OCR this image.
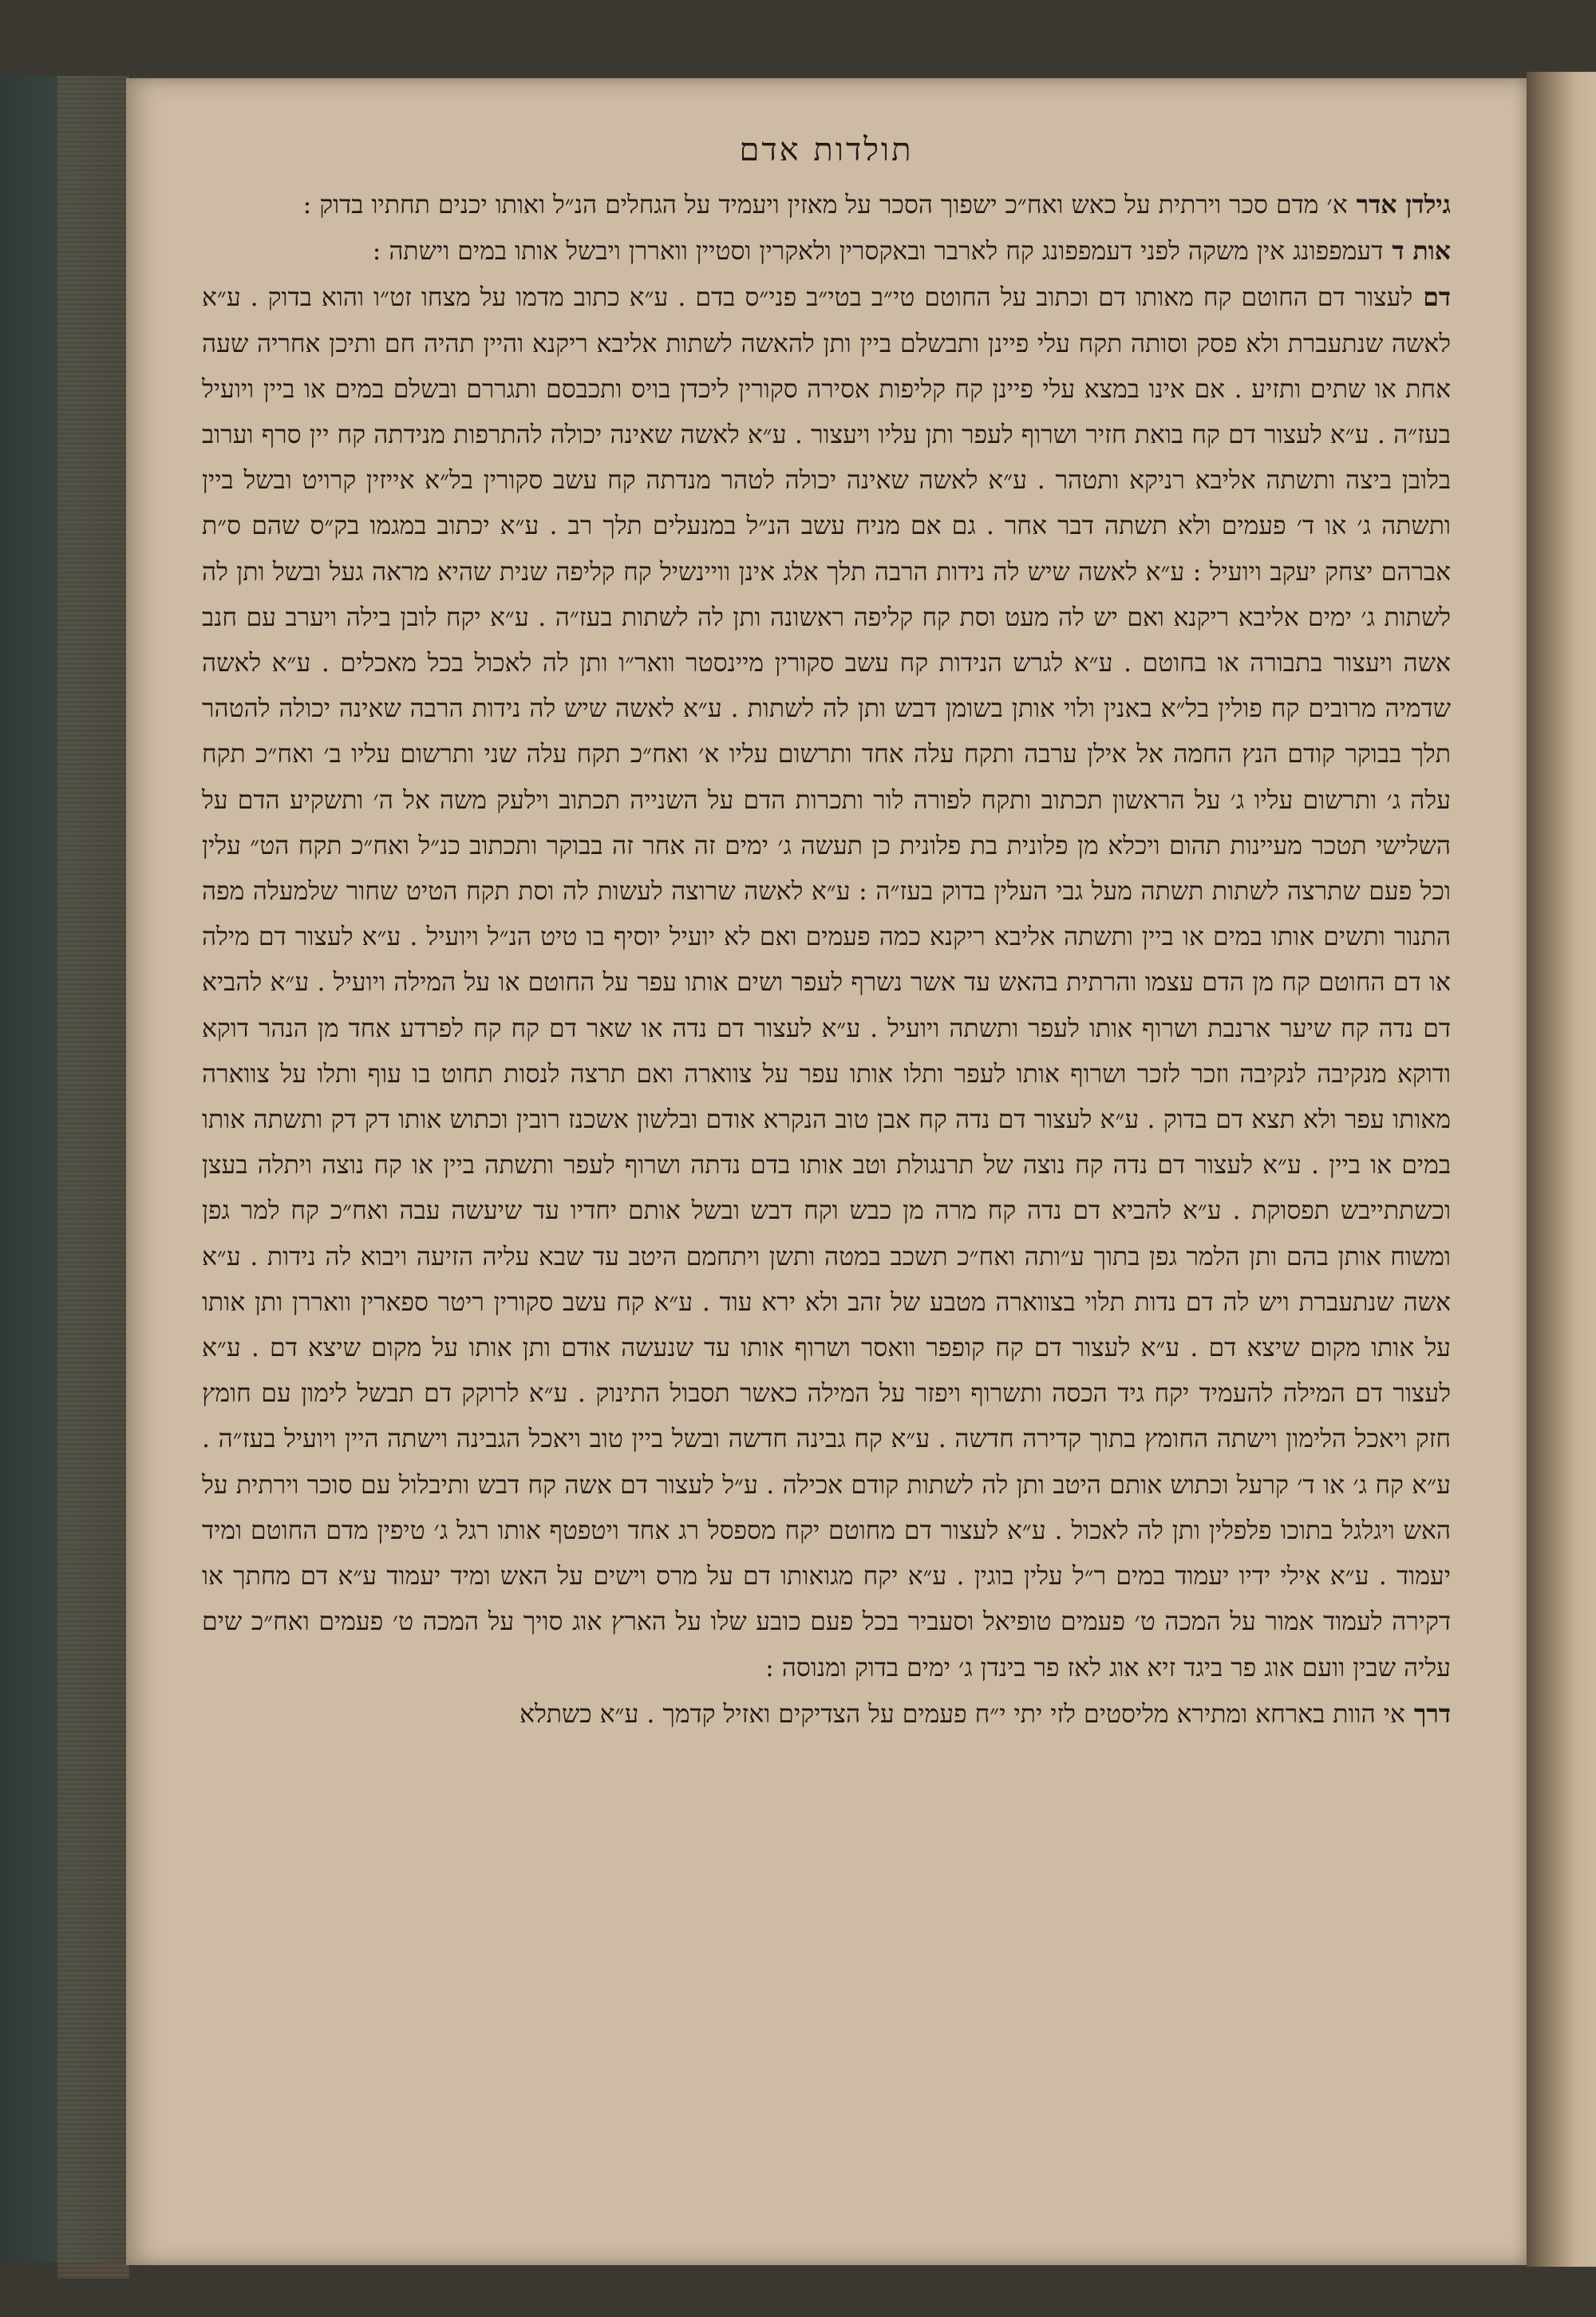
תולדות אדם

גילדן אדר א׳ מדם סכר וירתית על כאש ואח״כ ישפוך הסכר על מאזין ויעמיד על הגחלים הנ״ל ואותו יכנים תחתיו בדוק :

אות ד דעמפפונג אין משקה לפני דעמפפונג קח לארבר ובאקסרין ולאקרין וסטיין וואררן ויבשל אותו במים וישתה :

דם לעצור דם החוטם קח מאותו דם וכתוב על החוטם טי״ב בטי״ב פני״ס בדם . ע״א כתוב מדמו על מצחו זט״ו והוא בדוק . ע״א לאשה שנתעברת ולא פסק וסותה תקח עלי פיינן ותבשלם ביין ותן להאשה לשתות אליבא ריקנא והיין תהיה חם ותיכן אחריה שעה אחת או שתים ותזיע . אם אינו במצא עלי פיינן קח קליפות אסירה סקורין ליכדן בויס ותכבסם ותגררם ובשלם במים או ביין ויועיל בעז״ה . ע״א לעצור דם קח בואת חזיר ושרוף לעפר ותן עליו ויעצור . ע״א לאשה שאינה יכולה להתרפות מנידתה קח יין סרף וערוב בלובן ביצה ותשתה אליבא רניקא ותטהר . ע״א לאשה שאינה יכולה לטהר מנדתה קח עשב סקורין בל״א אייזין קרויט ובשל ביין ותשתה ג׳ או ד׳ פעמים ולא תשתה דבר אחר . גם אם מניח עשב הנ״ל במנעלים תלך רב . ע״א יכתוב במגמו בק״ס שהם ס״ת אברהם יצחק יעקב ויועיל : ע״א לאשה שיש לה נידות הרבה תלך אלג אינן וויינשיל קח קליפה שנית שהיא מראה געל ובשל ותן לה לשתות ג׳ ימים אליבא ריקנא ואם יש לה מעט וסת קח קליפה ראשונה ותן לה לשתות בעז״ה . ע״א יקח לובן בילה ויערב עם חנב אשה ויעצור בתבורה או בחוטם . ע״א לגרש הנידות קח עשב סקורין מיינסטר וואר״ו ותן לה לאכול בכל מאכלים . ע״א לאשה שדמיה מרובים קח פולין בל״א באנין ולוי אותן בשומן דבש ותן לה לשתות . ע״א לאשה שיש לה נידות הרבה שאינה יכולה להטהר תלך בבוקר קודם הנץ החמה אל אילן ערבה ותקח עלה אחד ותרשום עליו א׳ ואח״כ תקח עלה שני ותרשום עליו ב׳ ואח״כ תקח עלה ג׳ ותרשום עליו ג׳ על הראשון תכתוב ותקח לפורה לור ותכרות הדם על השנייה תכתוב וילעק משה אל ה׳ ותשקיע הדם על השלישי תטכר מעיינות תהום ויכלא מן פלונית בת פלונית כן תעשה ג׳ ימים זה אחר זה בבוקר ותכתוב כנ״ל ואח״כ תקח הט״ עלין וכל פעם שתרצה לשתות תשתה מעל גבי העלין בדוק בעז״ה : ע״א לאשה שרוצה לעשות לה וסת תקח הטיט שחור שלמעלה מפה התנור ותשים אותו במים או ביין ותשתה אליבא ריקנא כמה פעמים ואם לא יועיל יוסיף בו טיט הנ״ל ויועיל . ע״א לעצור דם מילה או דם החוטם קח מן הדם עצמו והרתית בהאש עד אשר נשרף לעפר ושים אותו עפר על החוטם או על המילה ויועיל . ע״א להביא דם נדה קח שיער ארנבת ושרוף אותו לעפר ותשתה ויועיל . ע״א לעצור דם נדה או שאר דם קח קח לפרדע אחד מן הנהר דוקא ודוקא מנקיבה לנקיבה וזכר לזכר ושרוף אותו לעפר ותלו אותו עפר על צווארה ואם תרצה לנסות תחוט בו עוף ותלו על צווארה מאותו עפר ולא תצא דם בדוק . ע״א לעצור דם נדה קח אבן טוב הנקרא אודם ובלשון אשכנז רובין וכתוש אותו דק דק ותשתה אותו במים או ביין . ע״א לעצור דם נדה קח נוצה של תרנגולת וטב אותו בדם נדתה ושרוף לעפר ותשתה ביין או קח נוצה ויתלה בעצן וכשתתייבש תפסוקת . ע״א להביא דם נדה קח מרה מן כבש וקח דבש ובשל אותם יחדיו עד שיעשה עבה ואח״כ קח למר גפן ומשוח אותן בהם ותן הלמר גפן בתוך ע״ותה ואח״כ תשכב במטה ותשן ויתחמם היטב עד שבא עליה הזיעה ויבוא לה נידות . ע״א אשה שנתעברת ויש לה דם נדות תלוי בצווארה מטבע של זהב ולא ירא עוד . ע״א קח עשב סקורין ריטר ספארין וואררן ותן אותו על אותו מקום שיצא דם . ע״א לעצור דם קח קופפר וואסר ושרוף אותו עד שנעשה אודם ותן אותו על מקום שיצא דם . ע״א לעצור דם המילה להעמיד יקח גיד הכסה ותשרוף ויפזר על המילה כאשר תסבול התינוק . ע״א לרוקק דם תבשל לימון עם חומץ חזק ויאכל הלימון וישתה החומץ בתוך קדירה חדשה . ע״א קח גבינה חדשה ובשל ביין טוב ויאכל הגבינה וישתה היין ויועיל בעז״ה . ע״א קח ג׳ או ד׳ קרעל וכתוש אותם היטב ותן לה לשתות קודם אכילה . ע״ל לעצור דם אשה קח דבש ותיבלול עם סוכר וירתית על האש ויגלגל בתוכו פלפלין ותן לה לאכול . ע״א לעצור דם מחוטם יקח מספסל רג אחד ויטפטף אותו רגל ג׳ טיפין מדם החוטם ומיד יעמוד . ע״א אילי ידיו יעמוד במים ר״ל עלין בוגין . ע״א יקח מגואותו דם על מרס וישים על האש ומיד יעמוד ע״א דם מחתך או דקירה לעמוד אמור על המכה ט׳ פעמים טופיאל וסעביר בכל פעם כובע שלו על הארץ אוג סויך על המכה ט׳ פעמים ואח״כ שים עליה שבין וועם אוג פר ביגד זיא אוג לאז פר בינדן ג׳ ימים בדוק ומנוסה :

דרך אי הוות בארחא ומתירא מליסטים לזי יתי י״ח פעמים על הצדיקים ואזיל קדמך . ע״א כשתלא
